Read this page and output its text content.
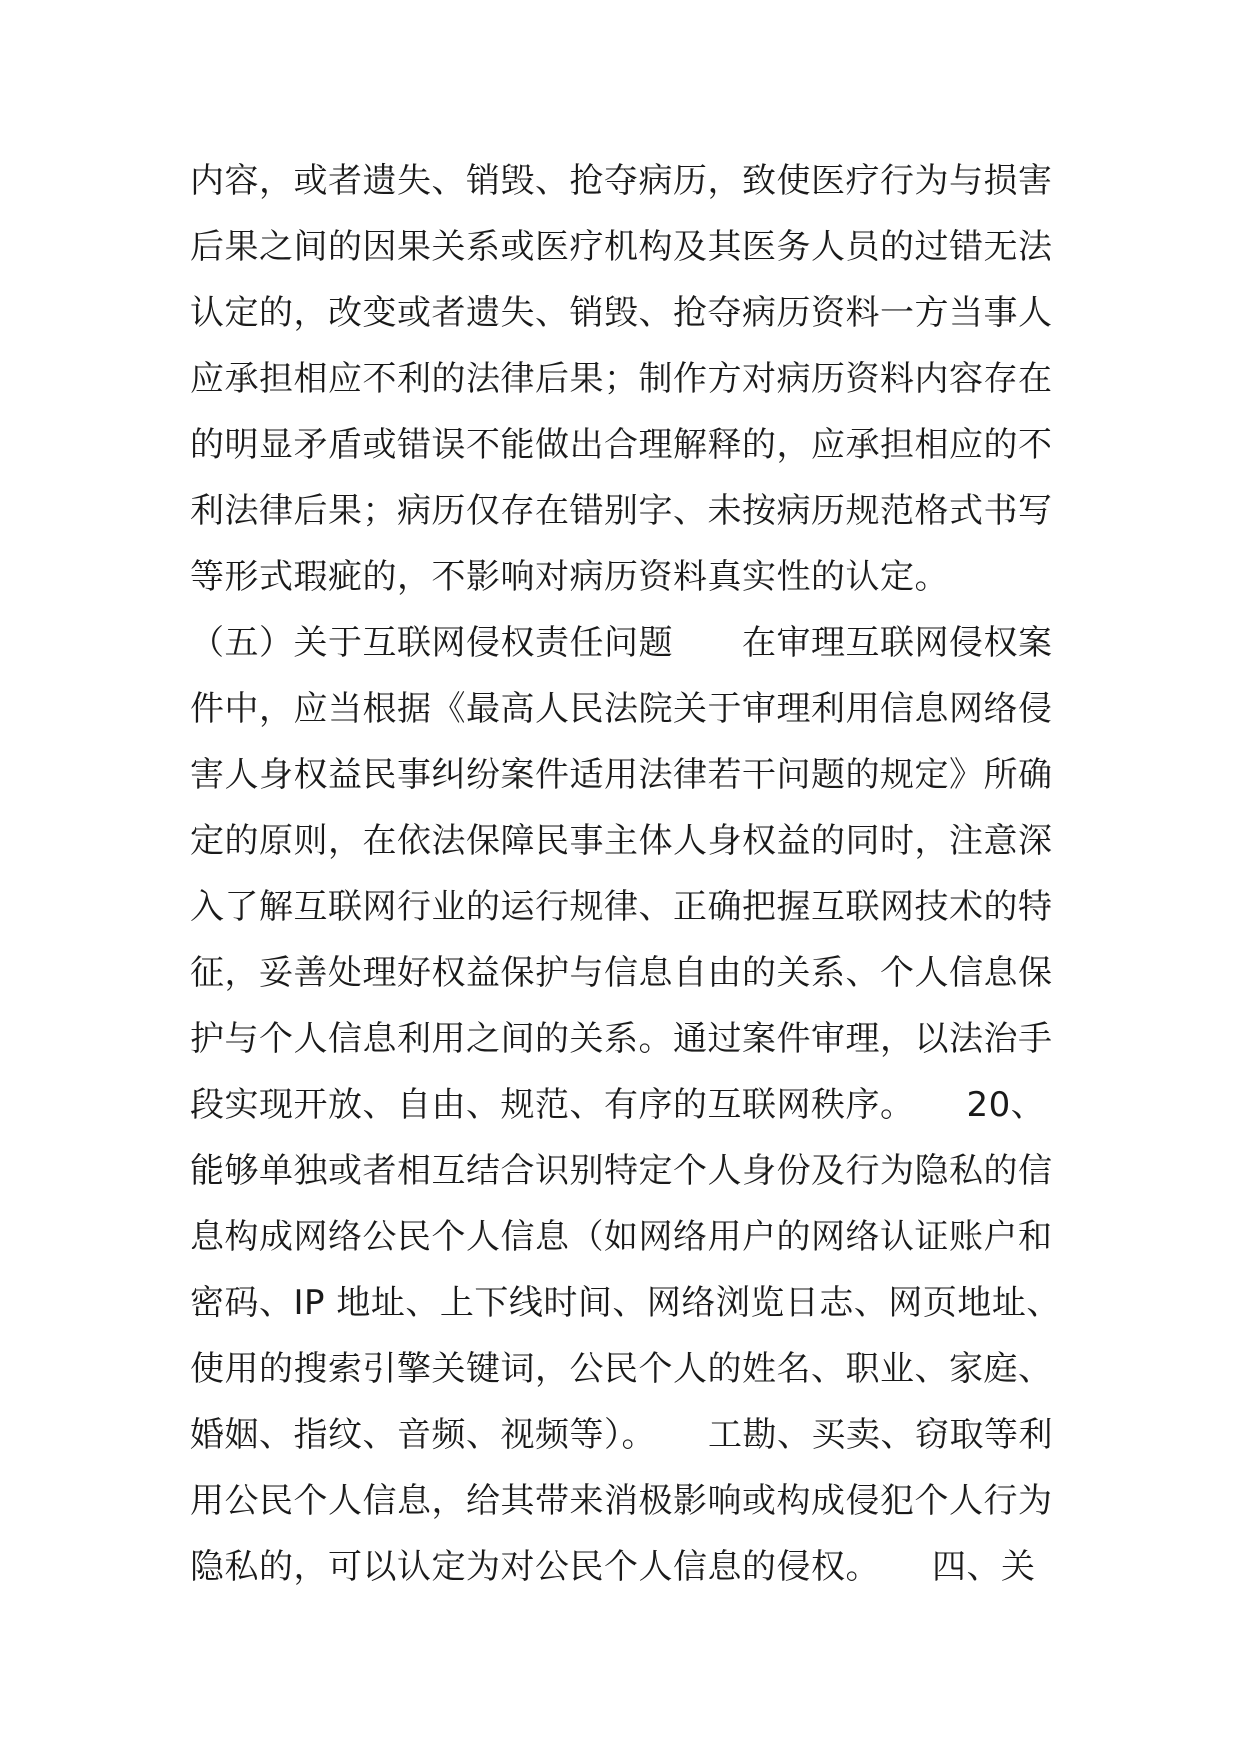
内容，或者遗失、销毁、抢夺病历，致使医疗行为与损害
后果之间的因果关系或医疗机构及其医务人员的过错无法
认定的，改变或者遗失、销毁、抢夺病历资料一方当事人
应承担相应不利的法律后果；制作方对病历资料内容存在
的明显矛盾或错误不能做出合理解释的，应承担相应的不
利法律后果；病历仅存在错别字、未按病历规范格式书写
等形式瑕疵的，不影响对病历资料真实性的认定。
（五）关于互联网侵权责任问题　　在审理互联网侵权案
件中，应当根据《最高人民法院关于审理利用信息网络侵
害人身权益民事纠纷案件适用法律若干问题的规定》所确
定的原则，在依法保障民事主体人身权益的同时，注意深
入了解互联网行业的运行规律、正确把握互联网技术的特
征，妥善处理好权益保护与信息自由的关系、个人信息保
护与个人信息利用之间的关系。通过案件审理，以法治手
段实现开放、自由、规范、有序的互联网秩序。　　20、
能够单独或者相互结合识别特定个人身份及行为隐私的信
息构成网络公民个人信息（如网络用户的网络认证账户和
密码、IP 地址、上下线时间、网络浏览日志、网页地址、
使用的搜索引擎关键词，公民个人的姓名、职业、家庭、
婚姻、指纹、音频、视频等）。　　工勘、买卖、窃取等利
用公民个人信息，给其带来消极影响或构成侵犯个人行为
隐私的，可以认定为对公民个人信息的侵权。　　四、关
